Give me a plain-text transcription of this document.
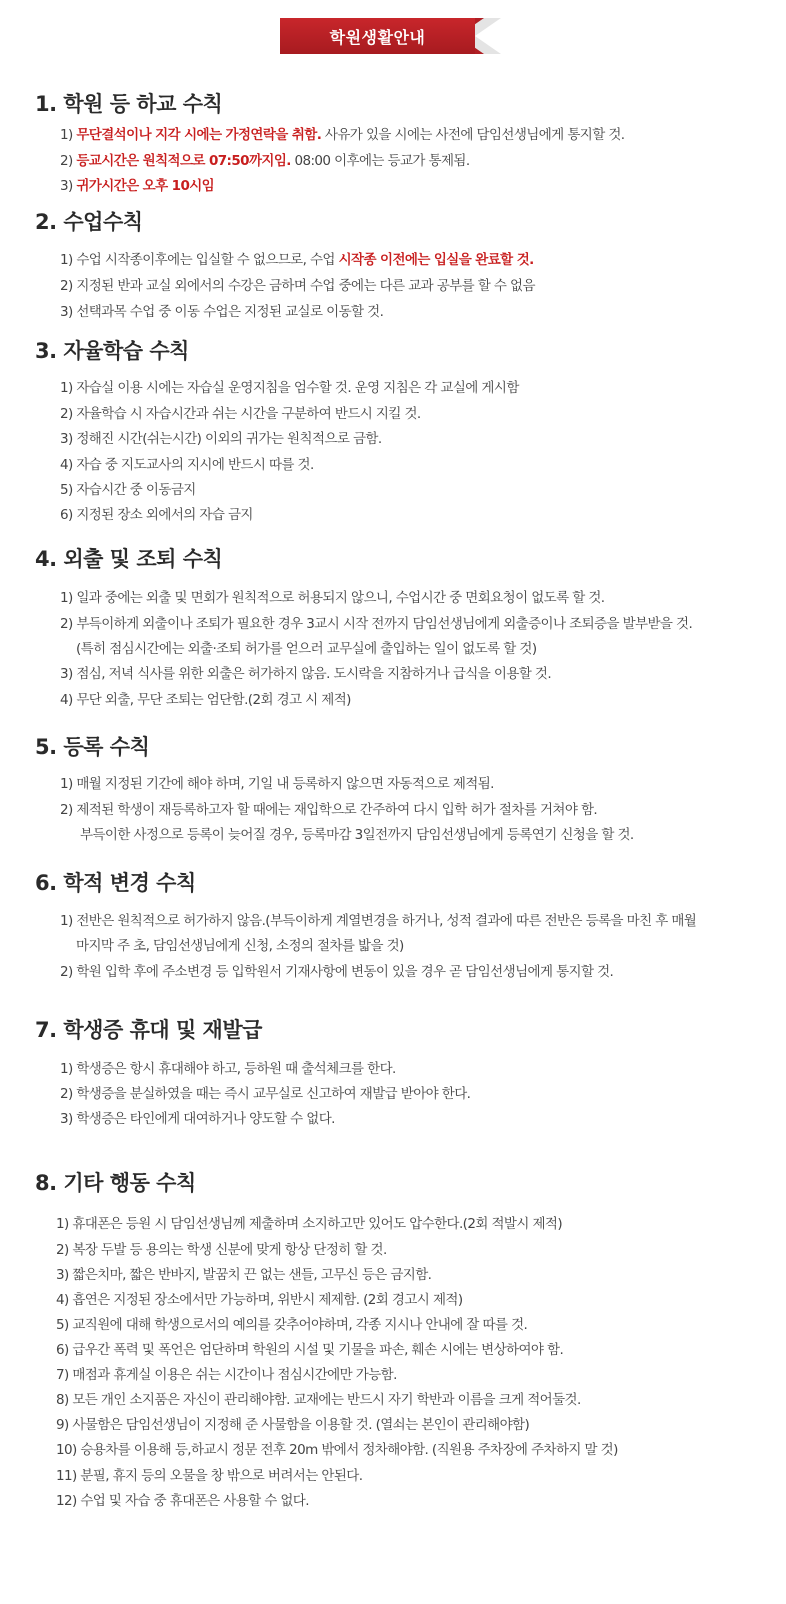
학원생활안내
1. 학원 등 하교 수칙
1) 무단결석이나 지각 시에는 가정연락을 취함. 사유가 있을 시에는 사전에 담임선생님에게 통지할 것.
2) 등교시간은 원칙적으로 07:50까지임. 08:00 이후에는 등교가 통제됨.
3) 귀가시간은 오후 10시임
2. 수업수칙
1) 수업 시작종이후에는 입실할 수 없으므로, 수업 시작종 이전에는 입실을 완료할 것.
2) 지정된 반과 교실 외에서의 수강은 금하며 수업 중에는 다른 교과 공부를 할 수 없음
3) 선택과목 수업 중 이동 수업은 지정된 교실로 이동할 것.
3. 자율학습 수칙
1) 자습실 이용 시에는 자습실 운영지침을 엄수할 것. 운영 지침은 각 교실에 게시함
2) 자율학습 시 자습시간과 쉬는 시간을 구분하여 반드시 지킬 것.
3) 정해진 시간(쉬는시간) 이외의 귀가는 원칙적으로 금함.
4) 자습 중 지도교사의 지시에 반드시 따를 것.
5) 자습시간 중 이동금지
6) 지정된 장소 외에서의 자습 금지
4. 외출 및 조퇴 수칙
1) 일과 중에는 외출 및 면회가 원칙적으로 허용되지 않으니, 수업시간 중 면회요청이 없도록 할 것.
2) 부득이하게 외출이나 조퇴가 필요한 경우 3교시 시작 전까지 담임선생님에게 외출증이나 조퇴증을 발부받을 것.
(특히 점심시간에는 외출·조퇴 허가를 얻으러 교무실에 출입하는 일이 없도록 할 것)
3) 점심, 저녁 식사를 위한 외출은 허가하지 않음. 도시락을 지참하거나 급식을 이용할 것.
4) 무단 외출, 무단 조퇴는 엄단함.(2회 경고 시 제적)
5. 등록 수칙
1) 매월 지정된 기간에 해야 하며, 기일 내 등록하지 않으면 자동적으로 제적됨.
2) 제적된 학생이 재등록하고자 할 때에는 재입학으로 간주하여 다시 입학 허가 절차를 거쳐야 함.
부득이한 사정으로 등록이 늦어질 경우, 등록마감 3일전까지 담임선생님에게 등록연기 신청을 할 것.
6. 학적 변경 수칙
1) 전반은 원칙적으로 허가하지 않음.(부득이하게 계열변경을 하거나, 성적 결과에 따른 전반은 등록을 마친 후 매월
마지막 주 초, 담임선생님에게 신청, 소정의 절차를 밟을 것)
2) 학원 입학 후에 주소변경 등 입학원서 기재사항에 변동이 있을 경우 곧 담임선생님에게 통지할 것.
7. 학생증 휴대 및 재발급
1) 학생증은 항시 휴대해야 하고, 등하원 때 출석체크를 한다.
2) 학생증을 분실하였을 때는 즉시 교무실로 신고하여 재발급 받아야 한다.
3) 학생증은 타인에게 대여하거나 양도할 수 없다.
8. 기타 행동 수칙
1) 휴대폰은 등원 시 담임선생님께 제출하며 소지하고만 있어도 압수한다.(2회 적발시 제적)
2) 복장 두발 등 용의는 학생 신분에 맞게 항상 단정히 할 것.
3) 짧은치마, 짧은 반바지, 발꿈치 끈 없는 샌들, 고무신 등은 금지함.
4) 흡연은 지정된 장소에서만 가능하며, 위반시 제제함. (2회 경고시 제적)
5) 교직원에 대해 학생으로서의 예의를 갖추어야하며, 각종 지시나 안내에 잘 따를 것.
6) 급우간 폭력 및 폭언은 엄단하며 학원의 시설 및 기물을 파손, 훼손 시에는 변상하여야 함.
7) 매점과 휴게실 이용은 쉬는 시간이나 점심시간에만 가능함.
8) 모든 개인 소지품은 자신이 관리해야함. 교재에는 반드시 자기 학반과 이름을 크게 적어둘것.
9) 사물함은 담임선생님이 지정해 준 사물함을 이용할 것. (열쇠는 본인이 관리해야함)
10) 승용차를 이용해 등,하교시 정문 전후 20m 밖에서 정차해야함. (직원용 주차장에 주차하지 말 것)
11) 분필, 휴지 등의 오물을 창 밖으로 버려서는 안된다.
12) 수업 및 자습 중 휴대폰은 사용할 수 없다.
